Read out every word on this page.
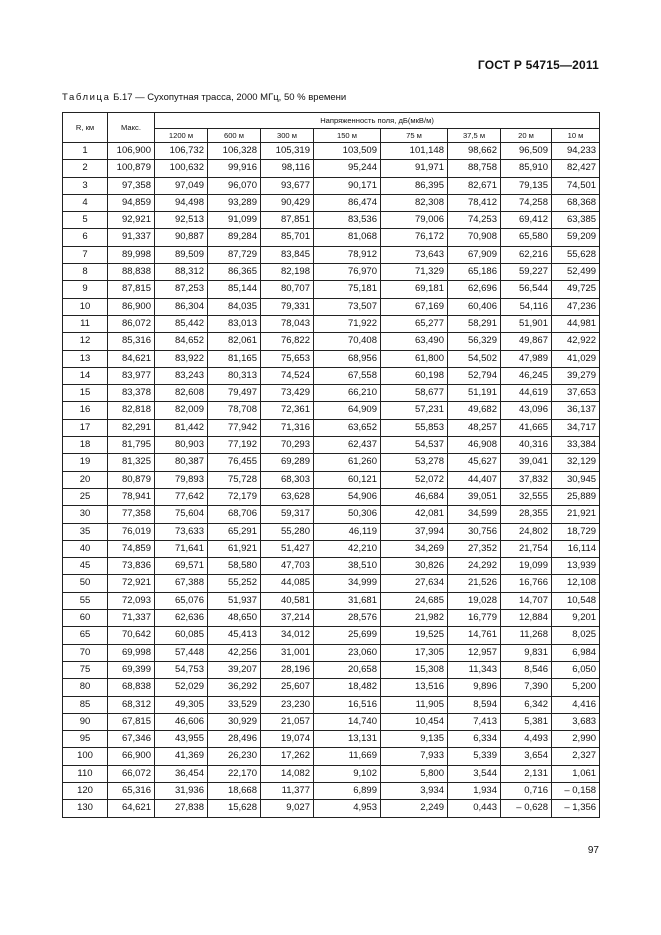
ГОСТ Р 54715—2011
Таблица Б.17 — Сухопутная трасса, 2000 МГц, 50 % времени
R, км	Макс.	Напряженность поля, дБ(мкВ/м)							
		1200 м	600 м	300 м	150 м	75 м	37,5 м	20 м	10 м
1	106,900	106,732	106,328	105,319	103,509	101,148	98,662	96,509	94,233
2	100,879	100,632	99,916	98,116	95,244	91,971	88,758	85,910	82,427
3	97,358	97,049	96,070	93,677	90,171	86,395	82,671	79,135	74,501
4	94,859	94,498	93,289	90,429	86,474	82,308	78,412	74,258	68,368
5	92,921	92,513	91,099	87,851	83,536	79,006	74,253	69,412	63,385
6	91,337	90,887	89,284	85,701	81,068	76,172	70,908	65,580	59,209
7	89,998	89,509	87,729	83,845	78,912	73,643	67,909	62,216	55,628
8	88,838	88,312	86,365	82,198	76,970	71,329	65,186	59,227	52,499
9	87,815	87,253	85,144	80,707	75,181	69,181	62,696	56,544	49,725
10	86,900	86,304	84,035	79,331	73,507	67,169	60,406	54,116	47,236
11	86,072	85,442	83,013	78,043	71,922	65,277	58,291	51,901	44,981
12	85,316	84,652	82,061	76,822	70,408	63,490	56,329	49,867	42,922
13	84,621	83,922	81,165	75,653	68,956	61,800	54,502	47,989	41,029
14	83,977	83,243	80,313	74,524	67,558	60,198	52,794	46,245	39,279
15	83,378	82,608	79,497	73,429	66,210	58,677	51,191	44,619	37,653
16	82,818	82,009	78,708	72,361	64,909	57,231	49,682	43,096	36,137
17	82,291	81,442	77,942	71,316	63,652	55,853	48,257	41,665	34,717
18	81,795	80,903	77,192	70,293	62,437	54,537	46,908	40,316	33,384
19	81,325	80,387	76,455	69,289	61,260	53,278	45,627	39,041	32,129
20	80,879	79,893	75,728	68,303	60,121	52,072	44,407	37,832	30,945
25	78,941	77,642	72,179	63,628	54,906	46,684	39,051	32,555	25,889
30	77,358	75,604	68,706	59,317	50,306	42,081	34,599	28,355	21,921
35	76,019	73,633	65,291	55,280	46,119	37,994	30,756	24,802	18,729
40	74,859	71,641	61,921	51,427	42,210	34,269	27,352	21,754	16,114
45	73,836	69,571	58,580	47,703	38,510	30,826	24,292	19,099	13,939
50	72,921	67,388	55,252	44,085	34,999	27,634	21,526	16,766	12,108
55	72,093	65,076	51,937	40,581	31,681	24,685	19,028	14,707	10,548
60	71,337	62,636	48,650	37,214	28,576	21,982	16,779	12,884	9,201
65	70,642	60,085	45,413	34,012	25,699	19,525	14,761	11,268	8,025
70	69,998	57,448	42,256	31,001	23,060	17,305	12,957	9,831	6,984
75	69,399	54,753	39,207	28,196	20,658	15,308	11,343	8,546	6,050
80	68,838	52,029	36,292	25,607	18,482	13,516	9,896	7,390	5,200
85	68,312	49,305	33,529	23,230	16,516	11,905	8,594	6,342	4,416
90	67,815	46,606	30,929	21,057	14,740	10,454	7,413	5,381	3,683
95	67,346	43,955	28,496	19,074	13,131	9,135	6,334	4,493	2,990
100	66,900	41,369	26,230	17,262	11,669	7,933	5,339	3,654	2,327
110	66,072	36,454	22,170	14,082	9,102	5,800	3,544	2,131	1,061
120	65,316	31,936	18,668	11,377	6,899	3,934	1,934	0,716	– 0,158
130	64,621	27,838	15,628	9,027	4,953	2,249	0,443	– 0,628	– 1,356
97
